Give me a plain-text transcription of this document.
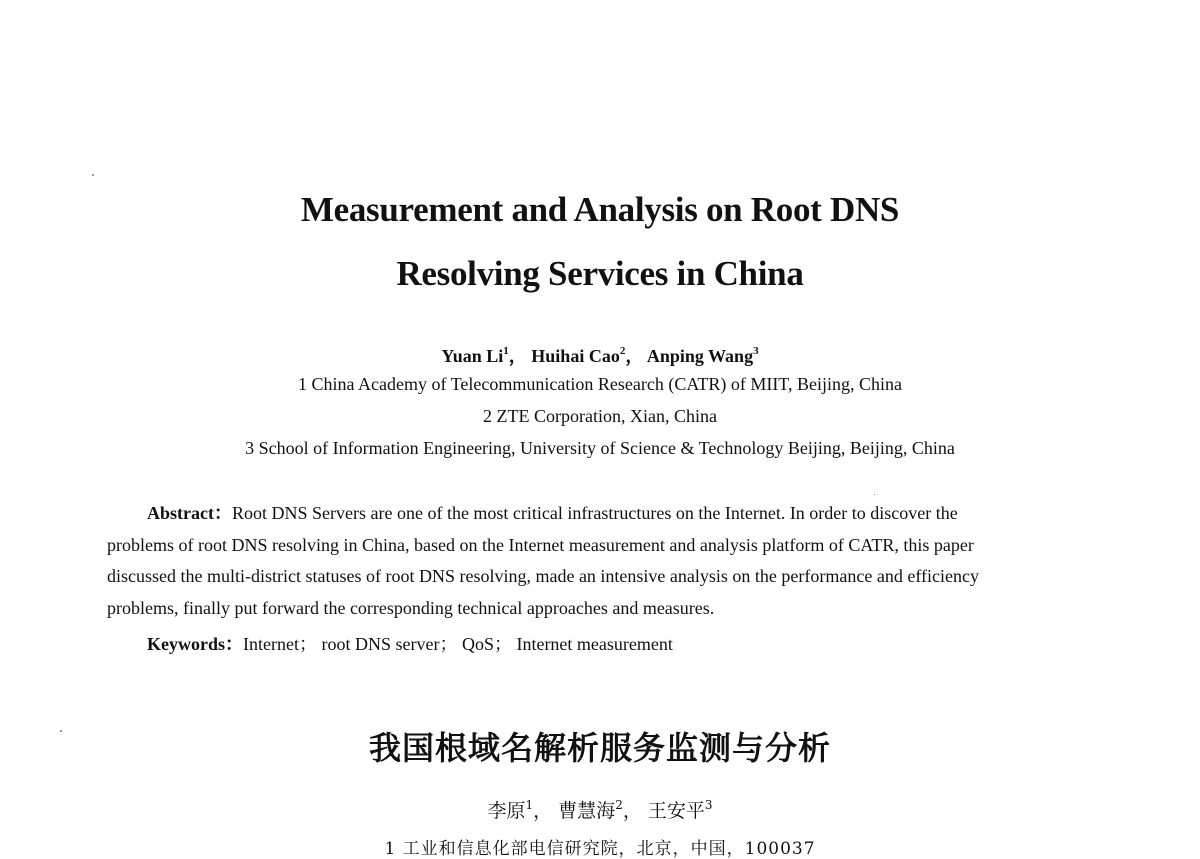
Measurement and Analysis on Root DNS
Resolving Services in China
Yuan Li$^1$， Huihai Cao$^2$， Anping Wang$^3$
1 China Academy of Telecommunication Research (CATR) of MIIT, Beijing, China
2 ZTE Corporation, Xian, China
3 School of Information Engineering, University of Science & Technology Beijing, Beijing, China
Abstract：Root DNS Servers are one of the most critical infrastructures on the Internet. In order to discover the
problems of root DNS resolving in China, based on the Internet measurement and analysis platform of CATR, this paper
discussed the multi-district statuses of root DNS resolving, made an intensive analysis on the performance and efficiency
problems, finally put forward the corresponding technical approaches and measures.
Keywords：Internet； root DNS server； QoS； Internet measurement
我国根域名解析服务监测与分析
李原$^1$， 曹慧海$^2$， 王安平$^3$
1 工业和信息化部电信研究院，北京，中国，100037
